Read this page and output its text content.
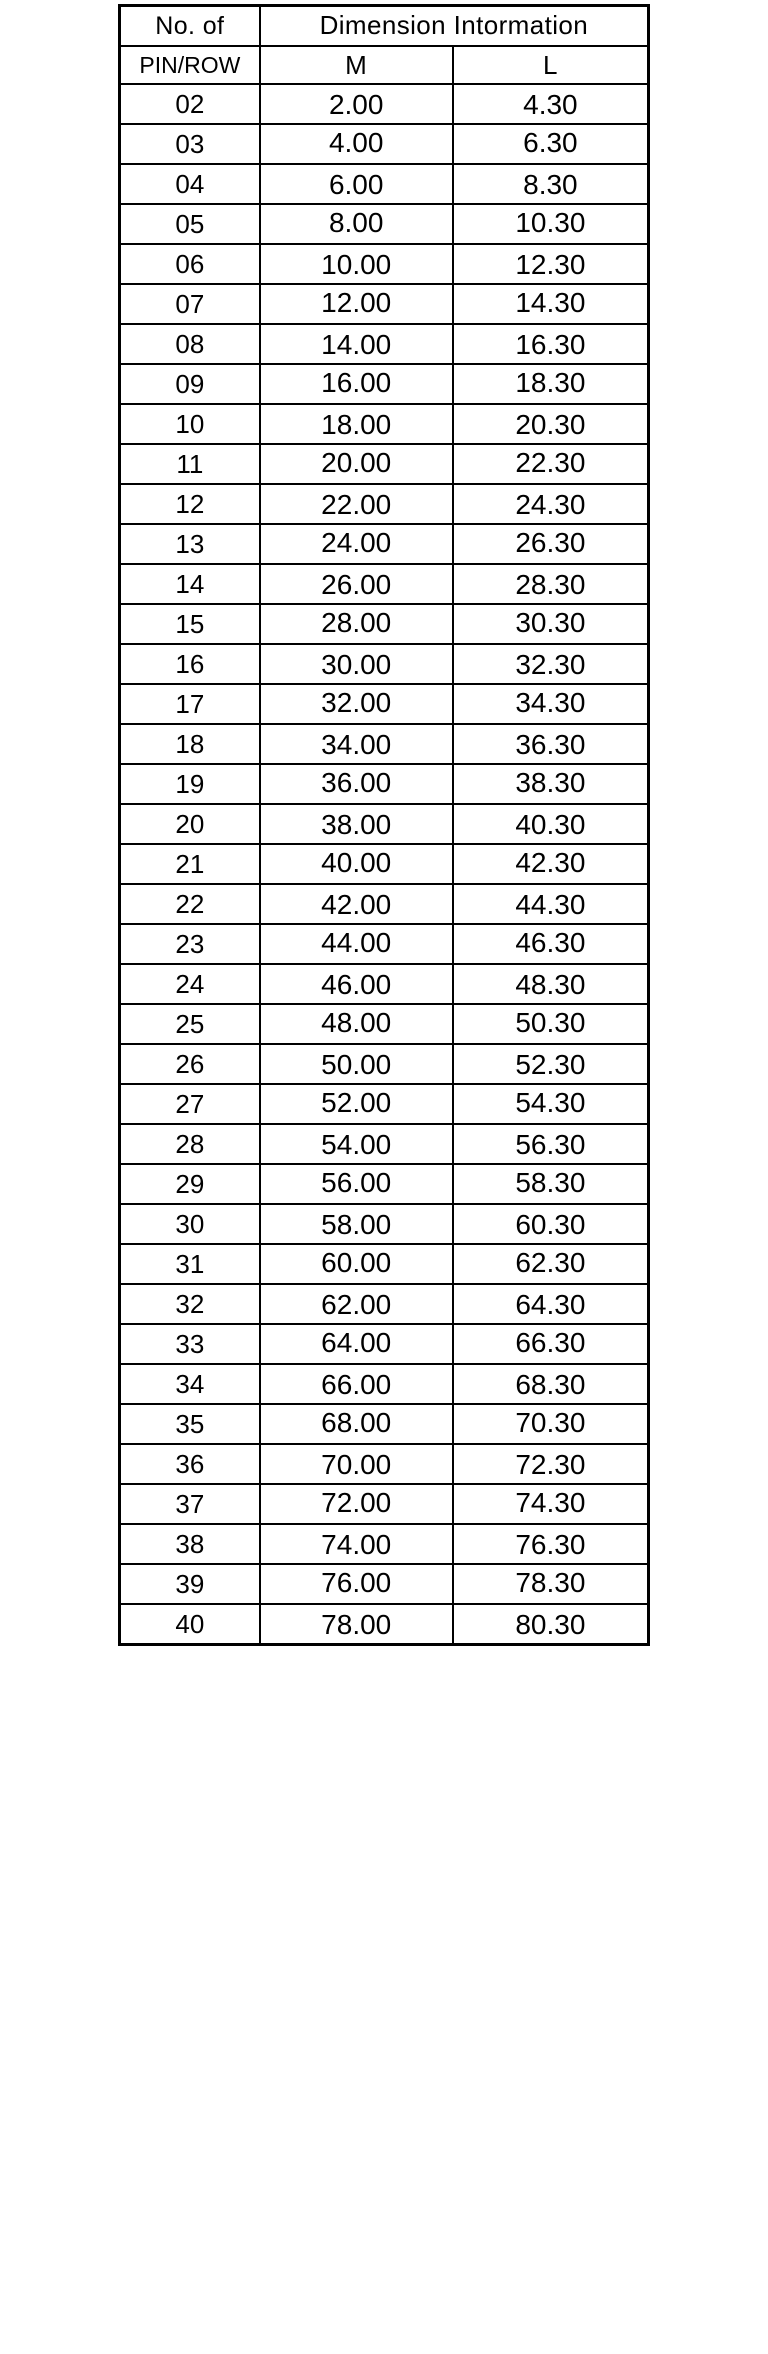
No. of	Dimension Intormation	
PIN/ROW	M	L
02	2.00	4.30
03	4.00	6.30
04	6.00	8.30
05	8.00	10.30
06	10.00	12.30
07	12.00	14.30
08	14.00	16.30
09	16.00	18.30
10	18.00	20.30
11	20.00	22.30
12	22.00	24.30
13	24.00	26.30
14	26.00	28.30
15	28.00	30.30
16	30.00	32.30
17	32.00	34.30
18	34.00	36.30
19	36.00	38.30
20	38.00	40.30
21	40.00	42.30
22	42.00	44.30
23	44.00	46.30
24	46.00	48.30
25	48.00	50.30
26	50.00	52.30
27	52.00	54.30
28	54.00	56.30
29	56.00	58.30
30	58.00	60.30
31	60.00	62.30
32	62.00	64.30
33	64.00	66.30
34	66.00	68.30
35	68.00	70.30
36	70.00	72.30
37	72.00	74.30
38	74.00	76.30
39	76.00	78.30
40	78.00	80.30
